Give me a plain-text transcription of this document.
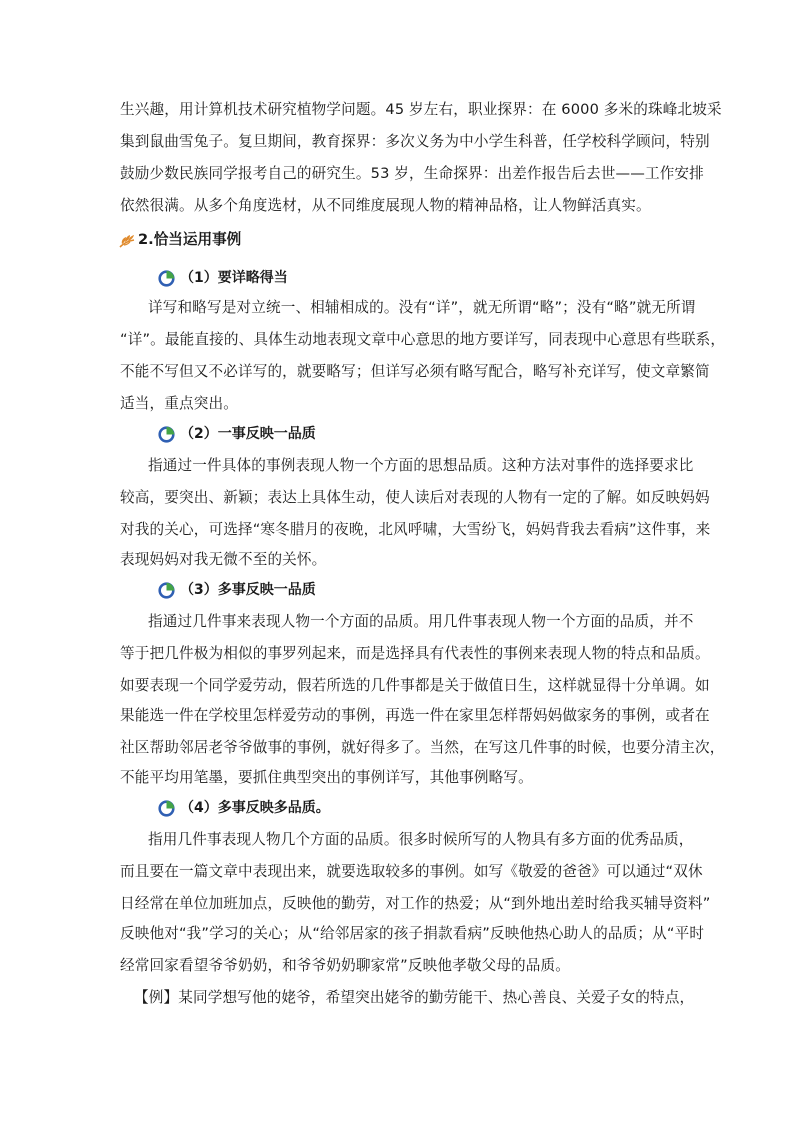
生兴趣，用计算机技术研究植物学问题。45 岁左右，职业探界：在 6000 多米的珠峰北坡采
集到鼠曲雪兔子。复旦期间，教育探界：多次义务为中小学生科普，任学校科学顾问，特别
鼓励少数民族同学报考自己的研究生。53 岁，生命探界：出差作报告后去世——工作安排
依然很满。从多个角度选材，从不同维度展现人物的精神品格，让人物鲜活真实。
2.恰当运用事例
（1）要详略得当
详写和略写是对立统一、相辅相成的。没有“详”，就无所谓“略”；没有“略”就无所谓
“详”。最能直接的、具体生动地表现文章中心意思的地方要详写，同表现中心意思有些联系，
不能不写但又不必详写的，就要略写；但详写必须有略写配合，略写补充详写，使文章繁简
适当，重点突出。
（2）一事反映一品质
指通过一件具体的事例表现人物一个方面的思想品质。这种方法对事件的选择要求比
较高，要突出、新颖；表达上具体生动，使人读后对表现的人物有一定的了解。如反映妈妈
对我的关心，可选择“寒冬腊月的夜晚，北风呼啸，大雪纷飞，妈妈背我去看病”这件事，来
表现妈妈对我无微不至的关怀。
（3）多事反映一品质
指通过几件事来表现人物一个方面的品质。用几件事表现人物一个方面的品质，并不
等于把几件极为相似的事罗列起来，而是选择具有代表性的事例来表现人物的特点和品质。
如要表现一个同学爱劳动，假若所选的几件事都是关于做值日生，这样就显得十分单调。如
果能选一件在学校里怎样爱劳动的事例，再选一件在家里怎样帮妈妈做家务的事例，或者在
社区帮助邻居老爷爷做事的事例，就好得多了。当然，在写这几件事的时候，也要分清主次，
不能平均用笔墨，要抓住典型突出的事例详写，其他事例略写。
（4）多事反映多品质。
指用几件事表现人物几个方面的品质。很多时候所写的人物具有多方面的优秀品质，
而且要在一篇文章中表现出来，就要选取较多的事例。如写《敬爱的爸爸》可以通过“双休
日经常在单位加班加点，反映他的勤劳，对工作的热爱；从“到外地出差时给我买辅导资料”
反映他对“我”学习的关心；从“给邻居家的孩子捐款看病”反映他热心助人的品质；从“平时
经常回家看望爷爷奶奶，和爷爷奶奶聊家常”反映他孝敬父母的品质。
【例】某同学想写他的姥爷，希望突出姥爷的勤劳能干、热心善良、关爱子女的特点，
